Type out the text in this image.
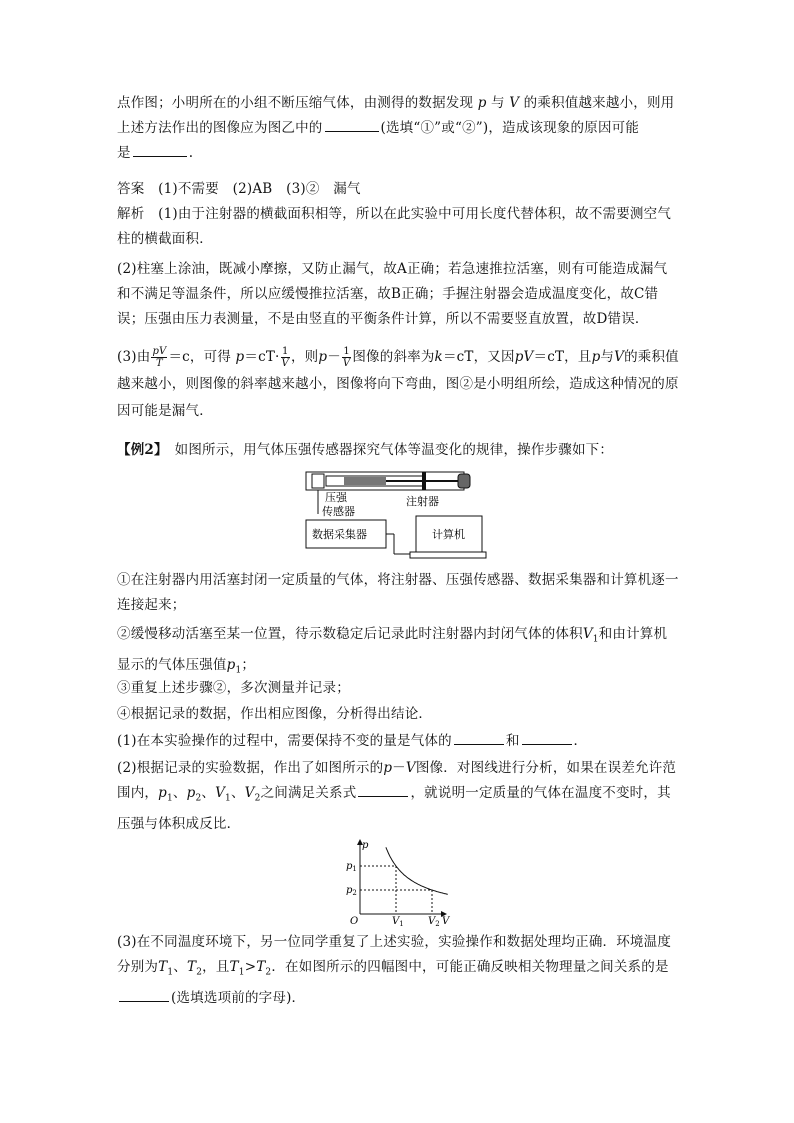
点作图；小明所在的小组不断压缩气体，由测得的数据发现 p 与 V 的乘积值越来越小，则用
上述方法作出的图像应为图乙中的	(选填“①”或“②”)，造成该现象的原因可能
是	.
答案　 (1)不需要　(2)AB　(3)②　漏气
解析　 (1)由于注射器的横截面积相等，所以在此实验中可用长度代替体积，故不需要测空气柱的横截面积．
(2)柱塞上涂油，既减小摩擦，又防止漏气，故A正确；若急速推拉活塞，则有可能造成漏气和不满足等温条件，所以应缓慢推拉活塞，故B正确；手握注射器会造成温度变化，故C错误；压强由压力表测量，不是由竖直的平衡条件计算，所以不需要竖直放置，故D错误．
(3)由 $\frac{pV}{T} =c$，可得 $p=cT\cdot \frac{1}{V}$ ，则$p- \frac{1}{V}$ 图像的斜率为k＝cT，又因pV＝cT，且p与V的乘积值越来越小，则图像的斜率越来越小，图像将向下弯曲，图②是小明组所绘，造成这种情况的原因可能是漏气．
【例2】　 如图所示，用气体压强传感器探究气体等温变化的规律，操作步骤如下：
压强
传感器
注射器
数据采集器	计算机
①在注射器内用活塞封闭一定质量的气体，将注射器、压强传感器、数据采集器和计算机逐一连接起来；
②缓慢移动活塞至某一位置，待示数稳定后记录此时注射器内封闭气体的体积$V_1$和由计算机显示的气体压强值$p_1$；
③重复上述步骤②，多次测量并记录；
④根据记录的数据，作出相应图像，分析得出结论．
(1)在本实验操作的过程中，需要保持不变的量是气体的	和	．
(2)根据记录的实验数据，作出了如图所示的p－V图像．对图线进行分析，如果在误差允许范围内，$p_1$、$p_2$、$V_1$、$V_2$之间满足关系式	，就说明一定质量的气体在温度不变时，其压强与体积成反比．
p
V
O
$p_1$
$p_2$
$V_1$ $V_2$
(3)在不同温度环境下，另一位同学重复了上述实验，实验操作和数据处理均正确．环境温度分别为$T_1$、$T_2$，且$T_1>T_2$．在如图所示的四幅图中，可能正确反映相关物理量之间关系的是
(选填选项前的字母)．
